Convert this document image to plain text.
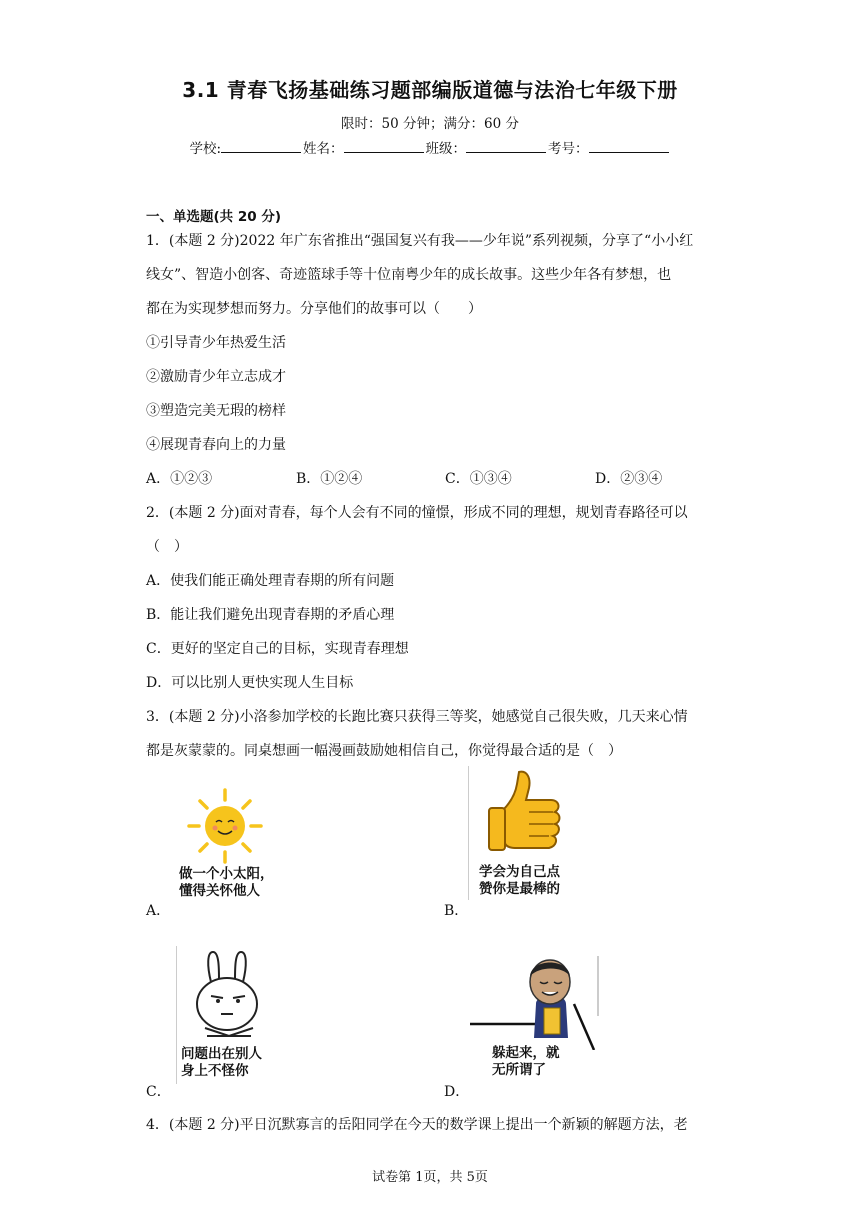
3.1 青春飞扬基础练习题部编版道德与法治七年级下册
限时：50 分钟；满分：60 分
学校:	姓名：	班级：	考号：
一、单选题(共 20 分)
1．(本题 2 分)2022 年广东省推出“强国复兴有我——少年说”系列视频，分享了“小小红
线女”、智造小创客、奇迹篮球手等十位南粤少年的成长故事。这些少年各有梦想，也
都在为实现梦想而努力。分享他们的故事可以（　　）
①引导青少年热爱生活
②激励青少年立志成才
③塑造完美无瑕的榜样
④展现青春向上的力量
A．①②③	B．①②④	C．①③④	D．②③④
2．(本题 2 分)面对青春，每个人会有不同的憧憬，形成不同的理想，规划青春路径可以
（　）
A．使我们能正确处理青春期的所有问题
B．能让我们避免出现青春期的矛盾心理
C．更好的坚定自己的目标，实现青春理想
D．可以比别人更快实现人生目标
3．(本题 2 分)小洛参加学校的长跑比赛只获得三等奖，她感觉自己很失败，几天来心情
都是灰蒙蒙的。同桌想画一幅漫画鼓励她相信自己，你觉得最合适的是（　）
A．
做一个小太阳，
懂得关怀他人
B．
学会为自己点
赞你是最棒的
C．
问题出在别人
身上不怪你
D．
躲起来，就
无所谓了
4．(本题 2 分)平日沉默寡言的岳阳同学在今天的数学课上提出一个新颖的解题方法，老
试卷第 1页，共 5页
